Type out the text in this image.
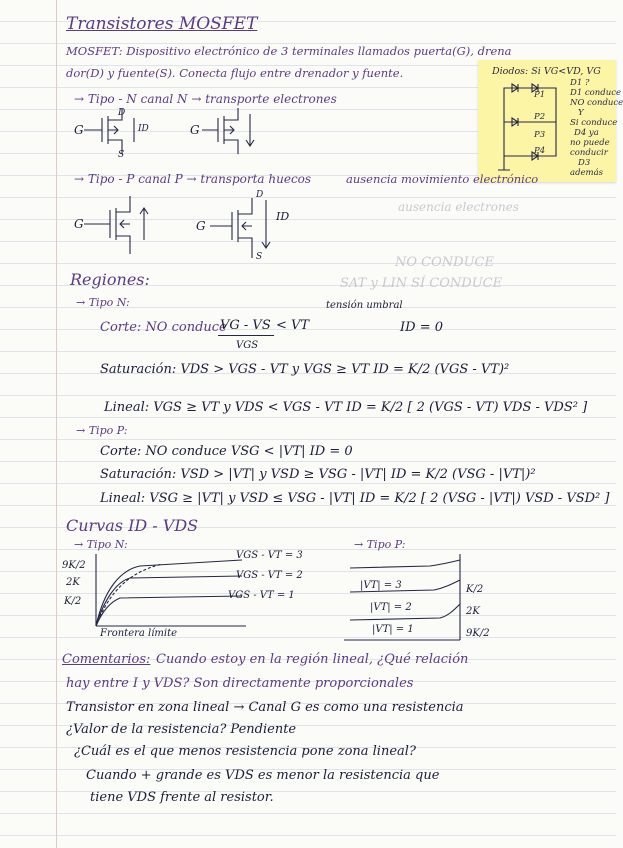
NO CONDUCE
SAT y LIN SÍ CONDUCE
ausencia electrones
Transistores MOSFET
MOSFET: Dispositivo electrónico de 3 terminales llamados puerta(G), drena
dor(D) y fuente(S). Conecta flujo entre drenador y fuente.	Diodos: Si VG<VD, VG
P1
P2
P3
P4
D1 ?
D1 conduce
NO conduce
Y
Si conduce
D4 ya
no puede
conducir
D3
además
→ Tipo - N canal N → transporte electrones
G
D
S
ID	G
→ Tipo - P canal P → transporta huecos	ausencia movimiento electrónico
G	G
S
D
ID
Regiones:
→ Tipo N:
Corte: NO conduce
VG - VS
VGS
< VT
tensión umbral
ID = 0
Saturación: VDS > VGS - VT y VGS ≥ VT ID = K/2 (VGS - VT)²
Lineal: VGS ≥ VT y VDS < VGS - VT ID = K/2 [ 2 (VGS - VT) VDS - VDS² ]
→ Tipo P:
Corte: NO conduce VSG < |VT| ID = 0
Saturación: VSD > |VT| y VSD ≥ VSG - |VT| ID = K/2 (VSG - |VT|)²
Lineal: VSG ≥ |VT| y VSD ≤ VSG - |VT| ID = K/2 [ 2 (VSG - |VT|) VSD - VSD² ]
Curvas ID - VDS
→ Tipo N:
VGS - VT = 3
VGS - VT = 2
VGS - VT = 1
9K/2
2K
K/2
Frontera límite
→ Tipo P:
|VT| = 3
|VT| = 2
|VT| = 1
K/2
2K
9K/2
Comentarios: Cuando estoy en la región lineal, ¿Qué relación
hay entre I y VDS? Son directamente proporcionales
Transistor en zona lineal → Canal G es como una resistencia
¿Valor de la resistencia? Pendiente
¿Cuál es el que menos resistencia pone zona lineal?
Cuando + grande es VDS es menor la resistencia que
tiene VDS frente al resistor.
